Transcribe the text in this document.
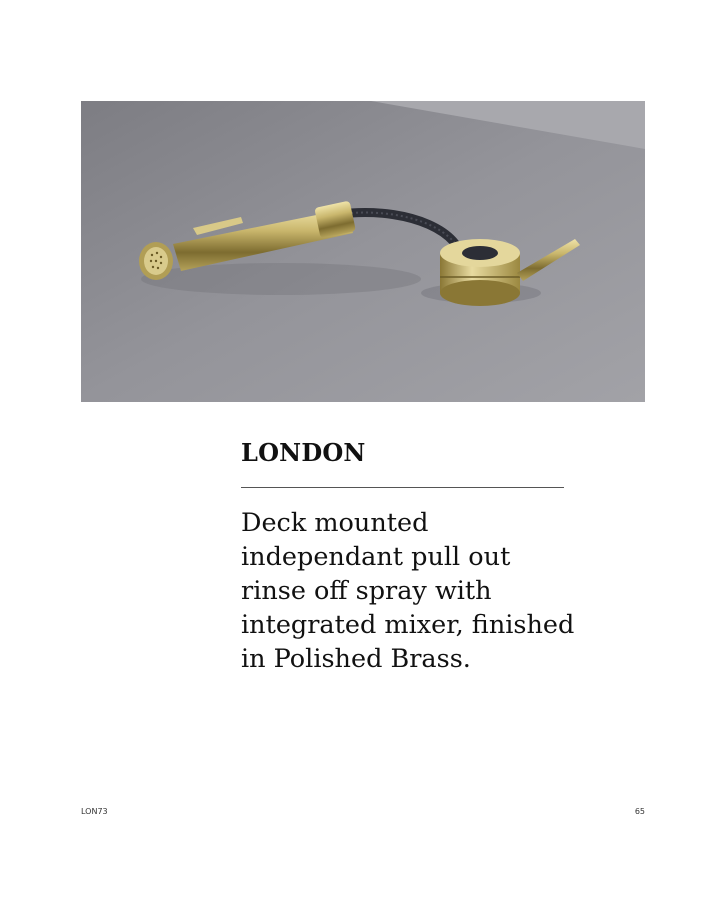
LONDON

Deck mounted
independant pull out
rinse off spray with
integrated mixer, finished
in Polished Brass.

LON73	65
